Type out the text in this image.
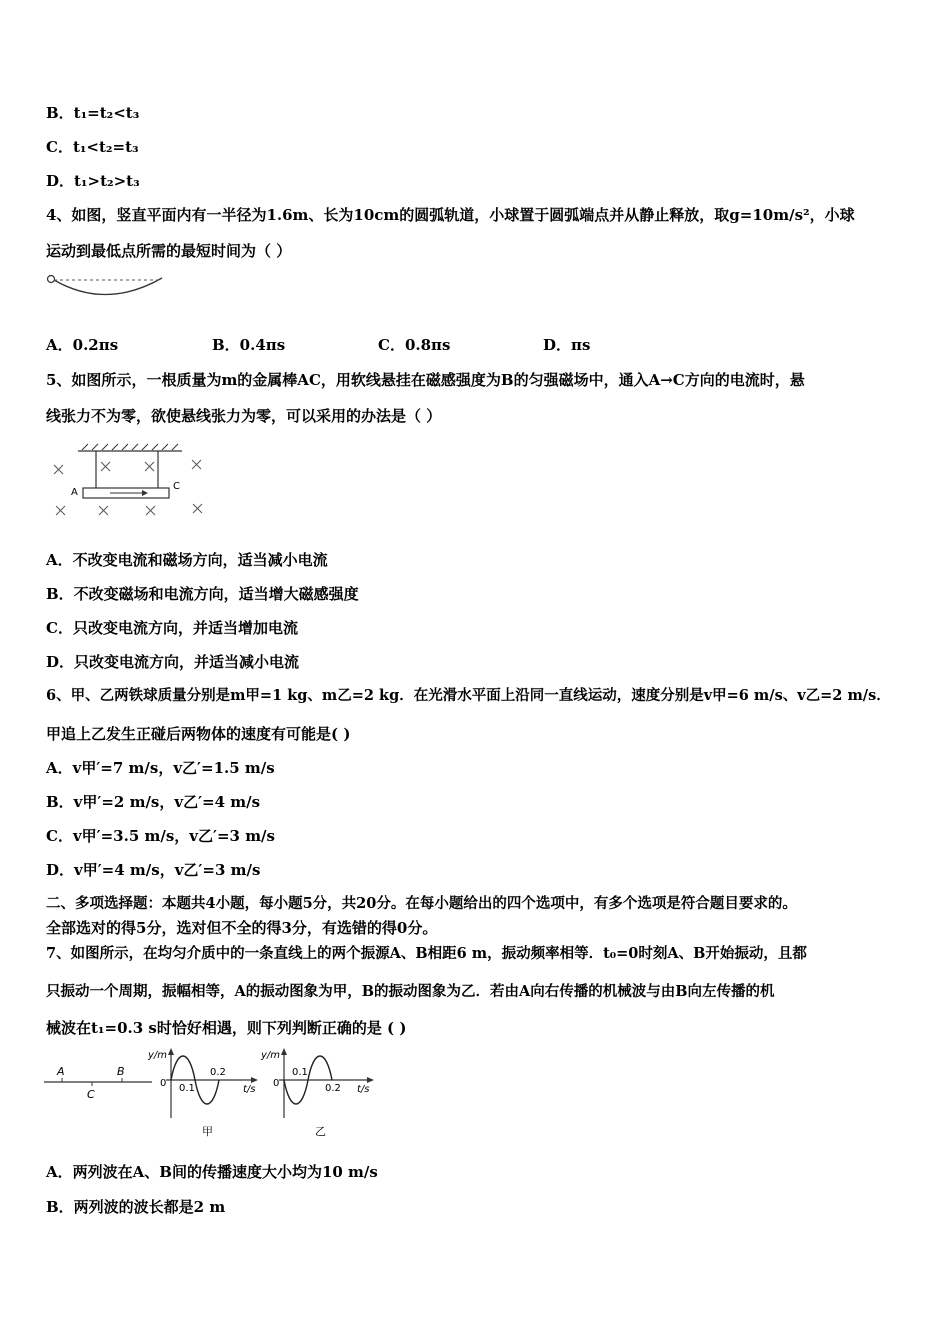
B．t₁=t₂<t₃
C．t₁<t₂=t₃
D．t₁>t₂>t₃
4、如图，竖直平面内有一半径为1.6m、长为10cm的圆弧轨道，小球置于圆弧端点并从静止释放，取g=10m/s²，小球
运动到最低点所需的最短时间为（ ）
A．0.2πs	B．0.4πs	C．0.8πs	D．πs
5、如图所示，一根质量为m的金属棒AC，用软线悬挂在磁感强度为B的匀强磁场中，通入A→C方向的电流时，悬
线张力不为零，欲使悬线张力为零，可以采用的办法是（ ）
A
C
A．不改变电流和磁场方向，适当减小电流
B．不改变磁场和电流方向，适当增大磁感强度
C．只改变电流方向，并适当增加电流
D．只改变电流方向，并适当减小电流
6、甲、乙两铁球质量分别是m甲=1 kg、m乙=2 kg．在光滑水平面上沿同一直线运动，速度分别是v甲=6 m/s、v乙=2 m/s．
甲追上乙发生正碰后两物体的速度有可能是( )
A．v甲′=7 m/s，v乙′=1.5 m/s
B．v甲′=2 m/s，v乙′=4 m/s
C．v甲′=3.5 m/s，v乙′=3 m/s
D．v甲′=4 m/s，v乙′=3 m/s
二、多项选择题：本题共4小题，每小题5分，共20分。在每小题给出的四个选项中，有多个选项是符合题目要求的。
全部选对的得5分，选对但不全的得3分，有选错的得0分。
7、如图所示，在均匀介质中的一条直线上的两个振源A、B相距6 m，振动频率相等．t₀=0时刻A、B开始振动，且都
只振动一个周期，振幅相等，A的振动图象为甲，B的振动图象为乙．若由A向右传播的机械波与由B向左传播的机
械波在t₁=0.3 s时恰好相遇，则下列判断正确的是 ( )
A	B
C
y/m
0 0.1
0.2
t/s
甲
y/m
0
0.1
0.2 t/s
乙
A．两列波在A、B间的传播速度大小均为10 m/s
B．两列波的波长都是2 m
